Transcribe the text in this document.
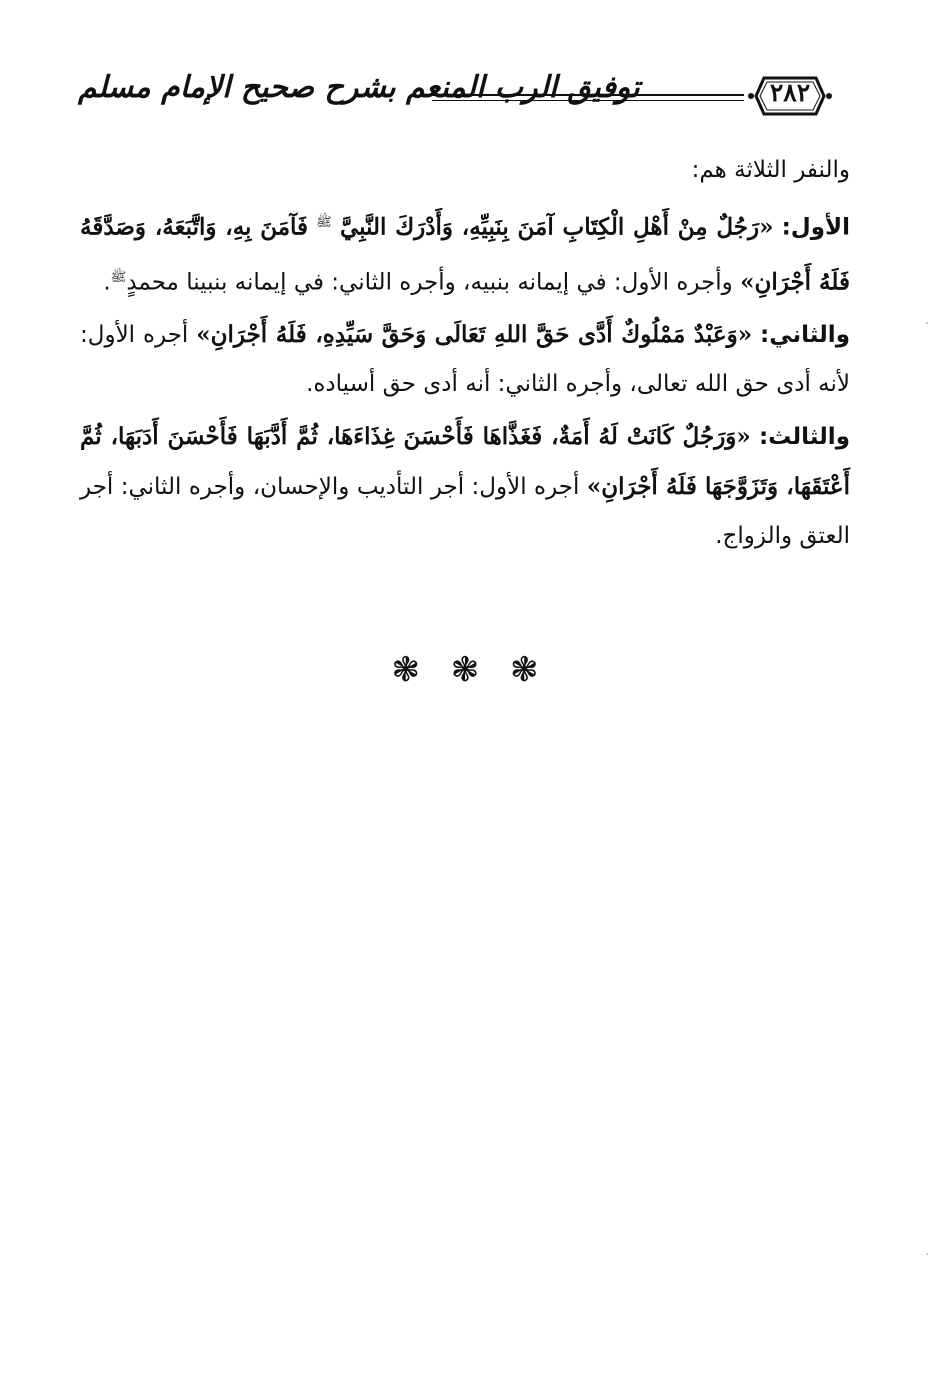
توفيق الرب المنعم بشرح صحيح الإمام مسلم	٢٨٢

والنفر الثلاثة هم:

الأول: «رَجُلٌ مِنْ أَهْلِ الْكِتَابِ آمَنَ بِنَبِيِّهِ، وَأَدْرَكَ النَّبِيَّ $^ﷺ$ فَآمَنَ بِهِ، وَاتَّبَعَهُ، وَصَدَّقَهُ فَلَهُ أَجْرَانِ» وأجره الأول: في إيمانه بنبيه، وأجره الثاني: في إيمانه بنبينا محمدٍ$^ﷺ$.

والثاني: «وَعَبْدٌ مَمْلُوكٌ أَدَّى حَقَّ اللهِ تَعَالَى وَحَقَّ سَيِّدِهِ، فَلَهُ أَجْرَانِ» أجره الأول: لأنه أدى حق الله تعالى، وأجره الثاني: أنه أدى حق أسياده.

والثالث: «وَرَجُلٌ كَانَتْ لَهُ أَمَةٌ، فَغَذَّاهَا فَأَحْسَنَ غِذَاءَهَا، ثُمَّ أَدَّبَهَا فَأَحْسَنَ أَدَبَهَا، ثُمَّ أَعْتَقَهَا، وَتَزَوَّجَهَا فَلَهُ أَجْرَانِ» أجره الأول: أجر التأديب والإحسان، وأجره الثاني: أجر العتق والزواج.

❃ ❃ ❃
